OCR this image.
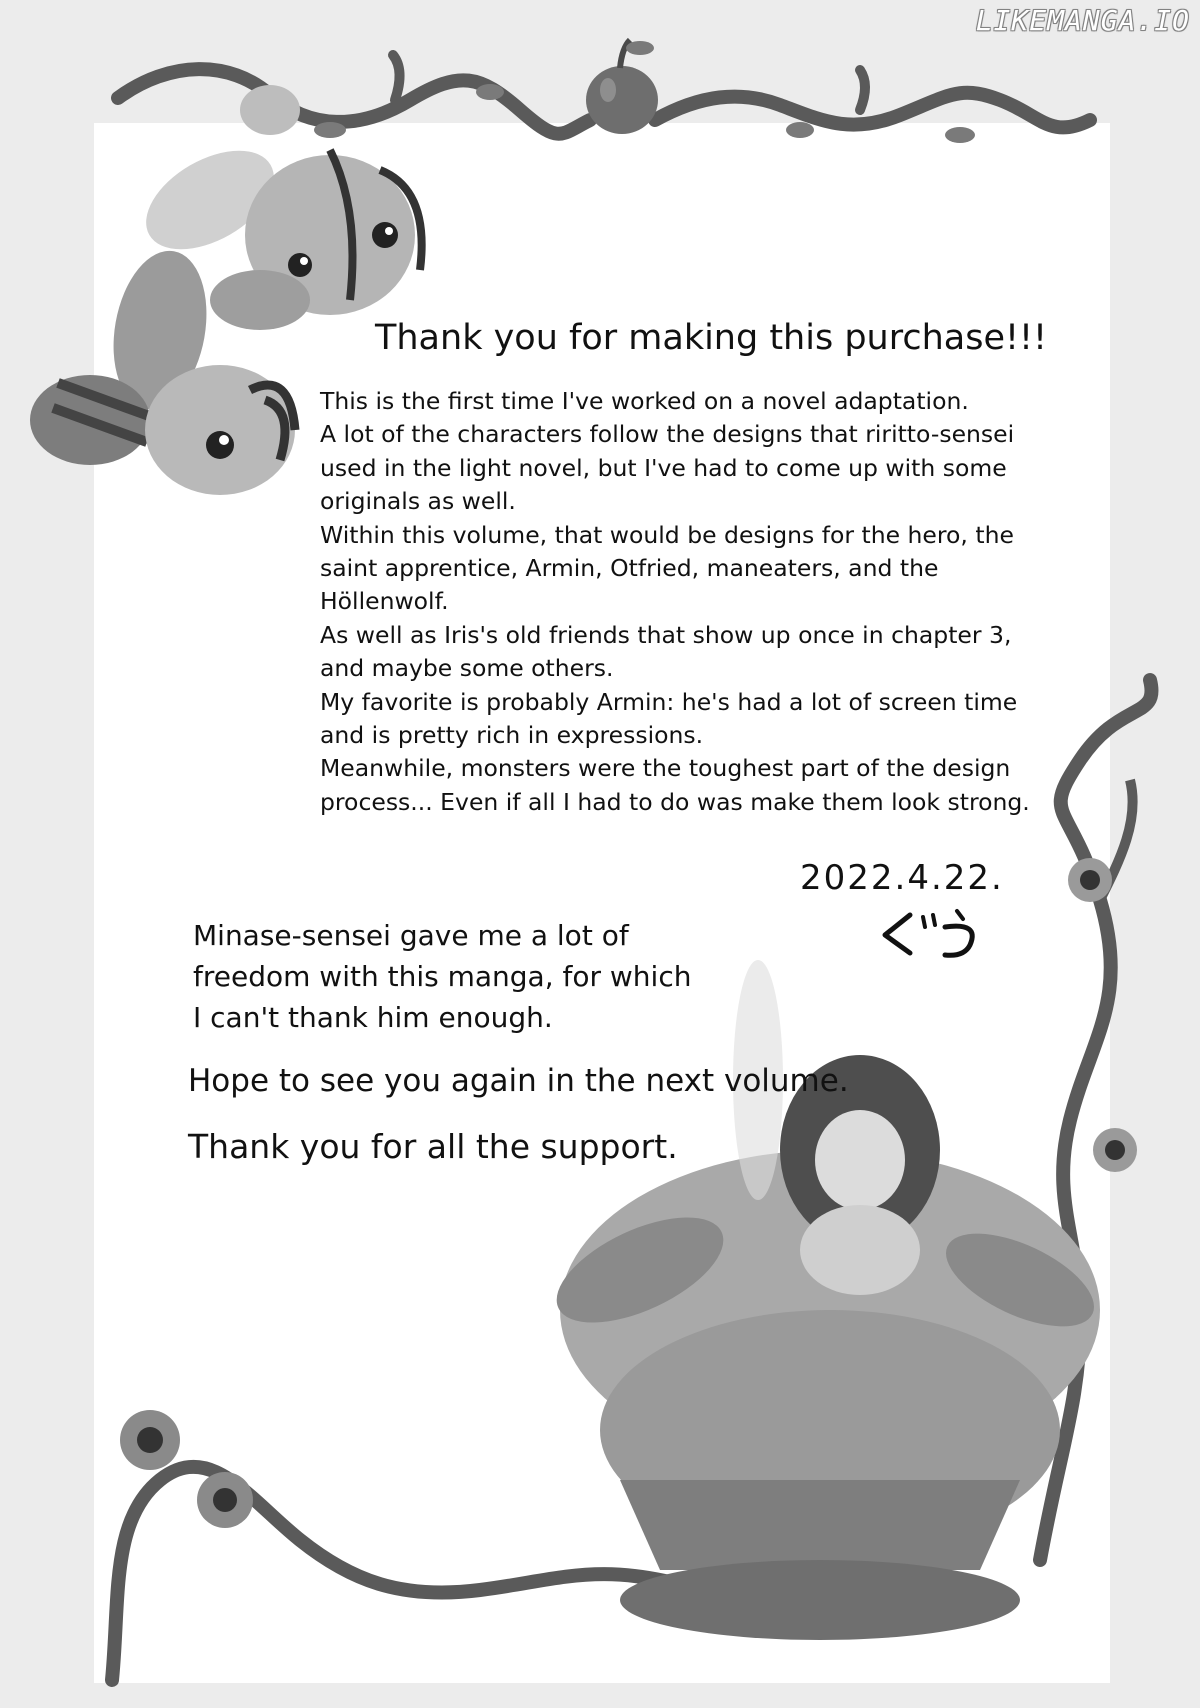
LIKEMANGA.IO
Thank you for making this purchase!!!

This is the first time I've worked on a novel adaptation.

A lot of the characters follow the designs that riritto-sensei

used in the light novel, but I've had to come up with some

originals as well.

Within this volume, that would be designs for the hero, the

saint apprentice, Armin, Otfried, maneaters, and the

Höllenwolf.

As well as Iris's old friends that show up once in chapter 3,

and maybe some others.

My favorite is probably Armin: he's had a lot of screen time

and is pretty rich in expressions.

Meanwhile, monsters were the toughest part of the design

process... Even if all I had to do was make them look strong.

2022.4.22.

Minase-sensei gave me a lot of

freedom with this manga, for which

I can't thank him enough.

Hope to see you again in the next volume.
Thank you for all the support.
